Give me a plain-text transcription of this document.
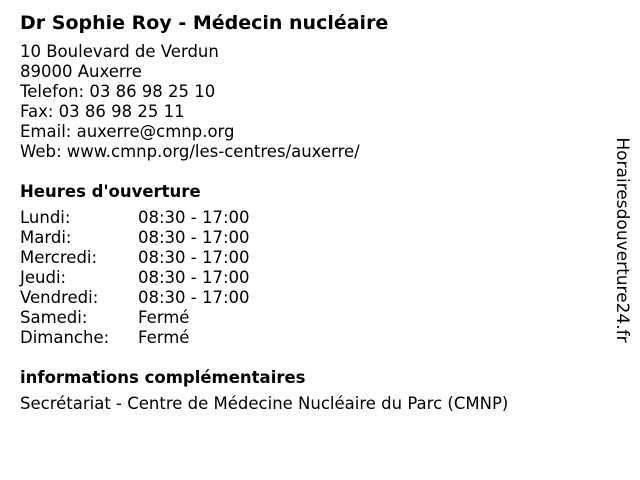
Dr Sophie Roy - Médecin nucléaire
10 Boulevard de Verdun
89000 Auxerre
Telefon: 03 86 98 25 10
Fax: 03 86 98 25 11
Email: auxerre@cmnp.org
Web: www.cmnp.org/les-centres/auxerre/
Heures d'ouverture
Lundi:	08:30 - 17:00
Mardi:	08:30 - 17:00
Mercredi:	08:30 - 17:00
Jeudi:	08:30 - 17:00
Vendredi:	08:30 - 17:00
Samedi:	Fermé
Dimanche:	Fermé
informations complémentaires
Secrétariat - Centre de Médecine Nucléaire du Parc (CMNP)
Horairesdouverture24.fr
